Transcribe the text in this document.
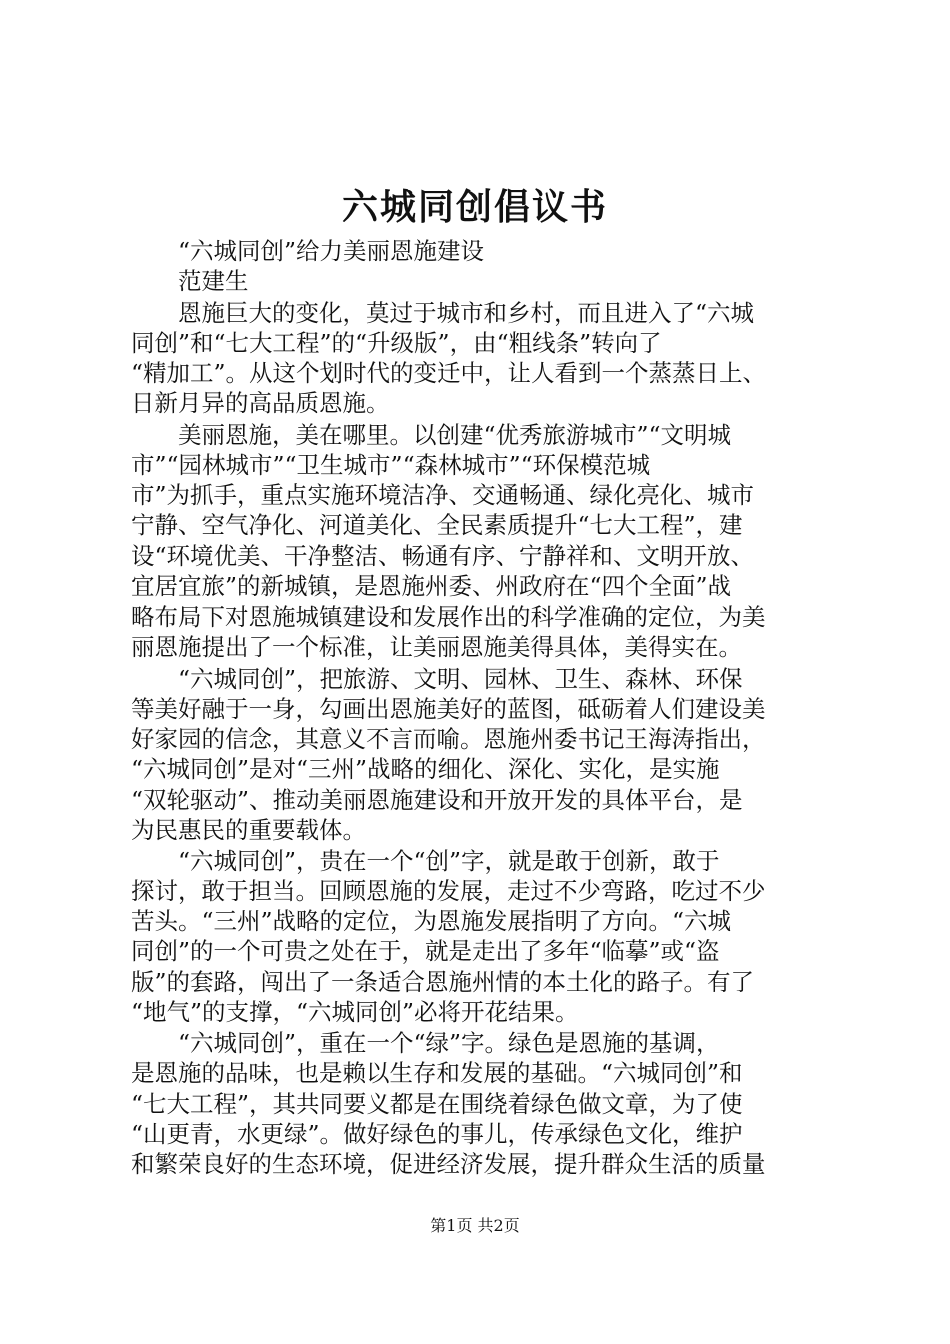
六城同创倡议书
“六城同创”给力美丽恩施建设
范建生
恩施巨大的变化，莫过于城市和乡村，而且进入了“六城
同创”和“七大工程”的“升级版”，由“粗线条”转向了
“精加工”。从这个划时代的变迁中，让人看到一个蒸蒸日上、
日新月异的高品质恩施。
美丽恩施，美在哪里。以创建“优秀旅游城市”“文明城
市”“园林城市”“卫生城市”“森林城市”“环保模范城
市”为抓手，重点实施环境洁净、交通畅通、绿化亮化、城市
宁静、空气净化、河道美化、全民素质提升“七大工程”，建
设“环境优美、干净整洁、畅通有序、宁静祥和、文明开放、
宜居宜旅”的新城镇，是恩施州委、州政府在“四个全面”战
略布局下对恩施城镇建设和发展作出的科学准确的定位，为美
丽恩施提出了一个标准，让美丽恩施美得具体，美得实在。
“六城同创”，把旅游、文明、园林、卫生、森林、环保
等美好融于一身，勾画出恩施美好的蓝图，砥砺着人们建设美
好家园的信念，其意义不言而喻。恩施州委书记王海涛指出，
“六城同创”是对“三州”战略的细化、深化、实化，是实施
“双轮驱动”、推动美丽恩施建设和开放开发的具体平台，是
为民惠民的重要载体。
“六城同创”，贵在一个“创”字，就是敢于创新，敢于
探讨，敢于担当。回顾恩施的发展，走过不少弯路，吃过不少
苦头。“三州”战略的定位，为恩施发展指明了方向。“六城
同创”的一个可贵之处在于，就是走出了多年“临摹”或“盗
版”的套路，闯出了一条适合恩施州情的本土化的路子。有了
“地气”的支撑，“六城同创”必将开花结果。
“六城同创”，重在一个“绿”字。绿色是恩施的基调，
是恩施的品味，也是赖以生存和发展的基础。“六城同创”和
“七大工程”，其共同要义都是在围绕着绿色做文章，为了使
“山更青，水更绿”。做好绿色的事儿，传承绿色文化，维护
和繁荣良好的生态环境，促进经济发展，提升群众生活的质量
第1页 共2页
